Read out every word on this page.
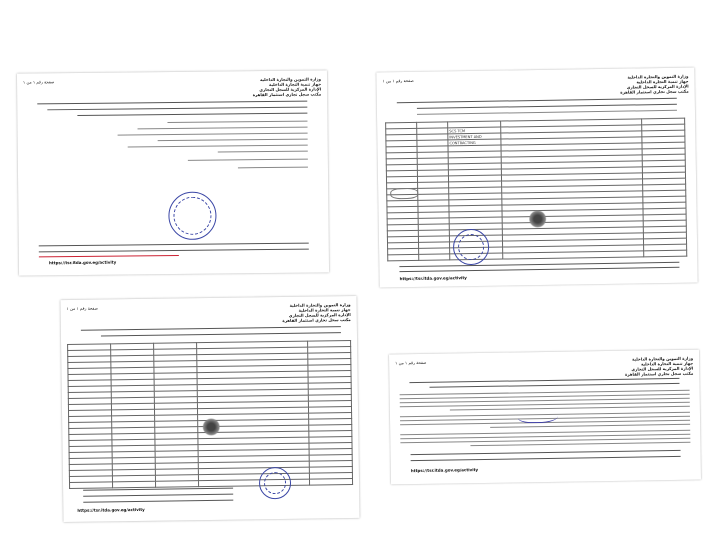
صفحة رقم ١ من ١	وزارة التموين والتجارة الداخلية
جهاز تنمية التجارة الداخلية
الإدارة المركزية للسجل التجاري
مكتب سجل تجاري استثمار القاهرة
https://tsr.itda.gov.eg/activity
صفحة رقم ١ من ١
وزارة التموين والتجارة الداخلية
جهاز تنمية التجارة الداخلية
الإدارة المركزية للسجل التجاري
مكتب سجل تجاري استثمار القاهرة

		SCS TCM		
		INVESTMENT AND		
		CONTRACTING		

https://tsr.itda.gov.eg/activity
صفحة رقم ١ من ١
وزارة التموين والتجارة الداخلية
جهاز تنمية التجارة الداخلية
الإدارة المركزية للسجل التجاري
مكتب سجل تجاري استثمار القاهرة

https://tsr.itda.gov.eg/activity
صفحة رقم ١ من ١
وزارة التموين والتجارة الداخلية
جهاز تنمية التجارة الداخلية
الإدارة المركزية للسجل التجاري
مكتب سجل تجاري استثمار القاهرة
https://tsr.itda.gov.eg/activity
